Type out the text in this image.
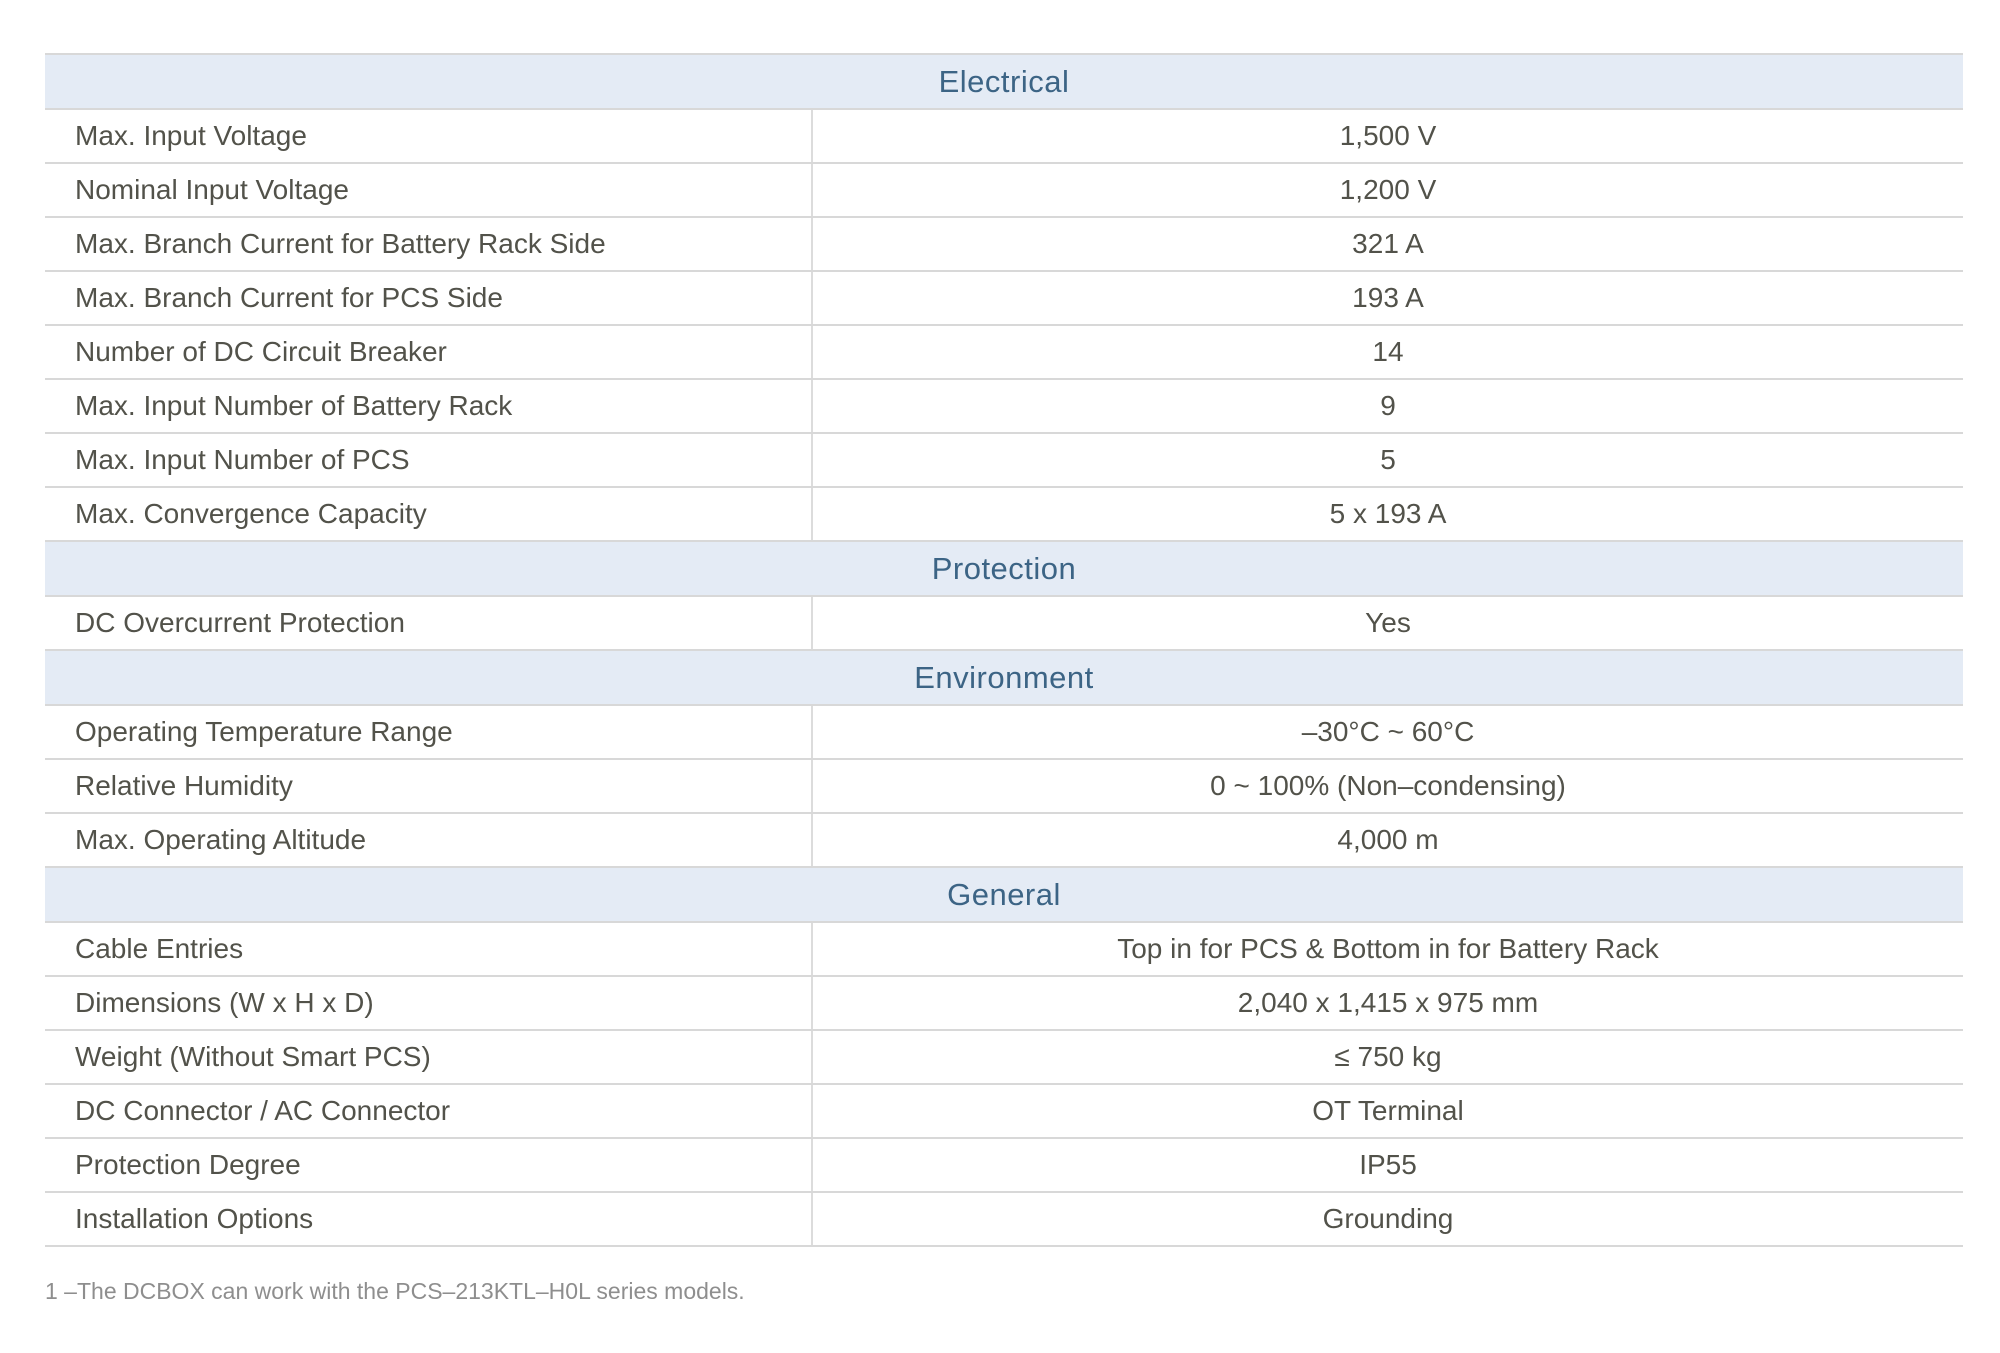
Electrical
Max. Input Voltage	1,500 V
Nominal Input Voltage	1,200 V
Max. Branch Current for Battery Rack Side	321 A
Max. Branch Current for PCS Side	193 A
Number of DC Circuit Breaker	14
Max. Input Number of Battery Rack	9
Max. Input Number of PCS	5
Max. Convergence Capacity	5 x 193 A
Protection
DC Overcurrent Protection	Yes
Environment
Operating Temperature Range	–30°C ~ 60°C
Relative Humidity	0 ~ 100% (Non–condensing)
Max. Operating Altitude	4,000 m
General
Cable Entries	Top in for PCS & Bottom in for Battery Rack
Dimensions (W x H x D)	2,040 x 1,415 x 975 mm
Weight (Without Smart PCS)	≤ 750 kg
DC Connector / AC Connector	OT Terminal
Protection Degree	IP55
Installation Options	Grounding
1 –The DCBOX can work with the PCS–213KTL–H0L series models.
